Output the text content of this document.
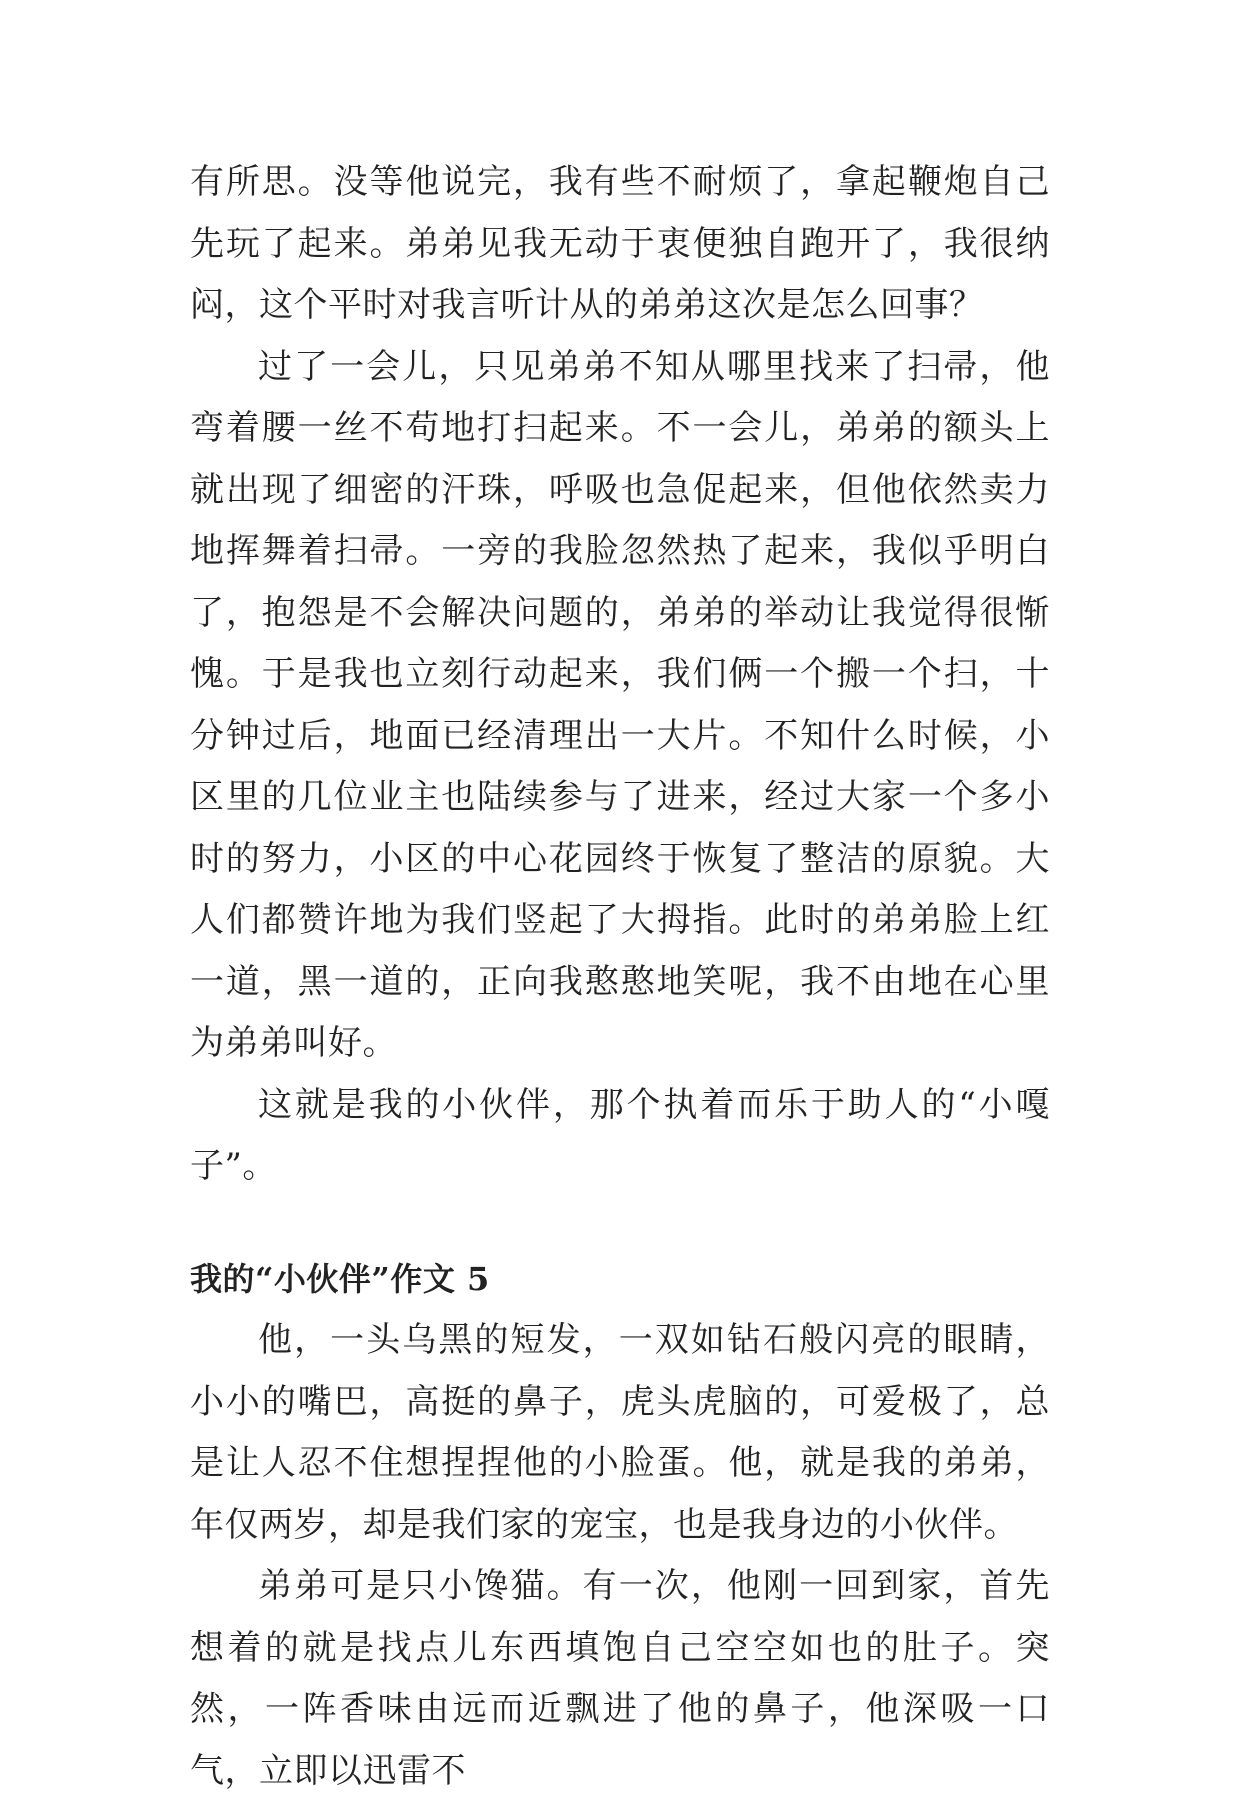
有所思。没等他说完，我有些不耐烦了，拿起鞭炮自己先玩了起来。弟弟见我无动于衷便独自跑开了，我很纳闷，这个平时对我言听计从的弟弟这次是怎么回事？

过了一会儿，只见弟弟不知从哪里找来了扫帚，他弯着腰一丝不苟地打扫起来。不一会儿，弟弟的额头上就出现了细密的汗珠，呼吸也急促起来，但他依然卖力地挥舞着扫帚。一旁的我脸忽然热了起来，我似乎明白了，抱怨是不会解决问题的，弟弟的举动让我觉得很惭愧。于是我也立刻行动起来，我们俩一个搬一个扫，十分钟过后，地面已经清理出一大片。不知什么时候，小区里的几位业主也陆续参与了进来，经过大家一个多小时的努力，小区的中心花园终于恢复了整洁的原貌。大人们都赞许地为我们竖起了大拇指。此时的弟弟脸上红一道，黑一道的，正向我憨憨地笑呢，我不由地在心里为弟弟叫好。

这就是我的小伙伴，那个执着而乐于助人的“小嘎子”。

我的“小伙伴”作文 5

他，一头乌黑的短发，一双如钻石般闪亮的眼睛，小小的嘴巴，高挺的鼻子，虎头虎脑的，可爱极了，总是让人忍不住想捏捏他的小脸蛋。他，就是我的弟弟，年仅两岁，却是我们家的宠宝，也是我身边的小伙伴。

弟弟可是只小馋猫。有一次，他刚一回到家，首先想着的就是找点儿东西填饱自己空空如也的肚子。突然，一阵香味由远而近飘进了他的鼻子，他深吸一口气，立即以迅雷不
